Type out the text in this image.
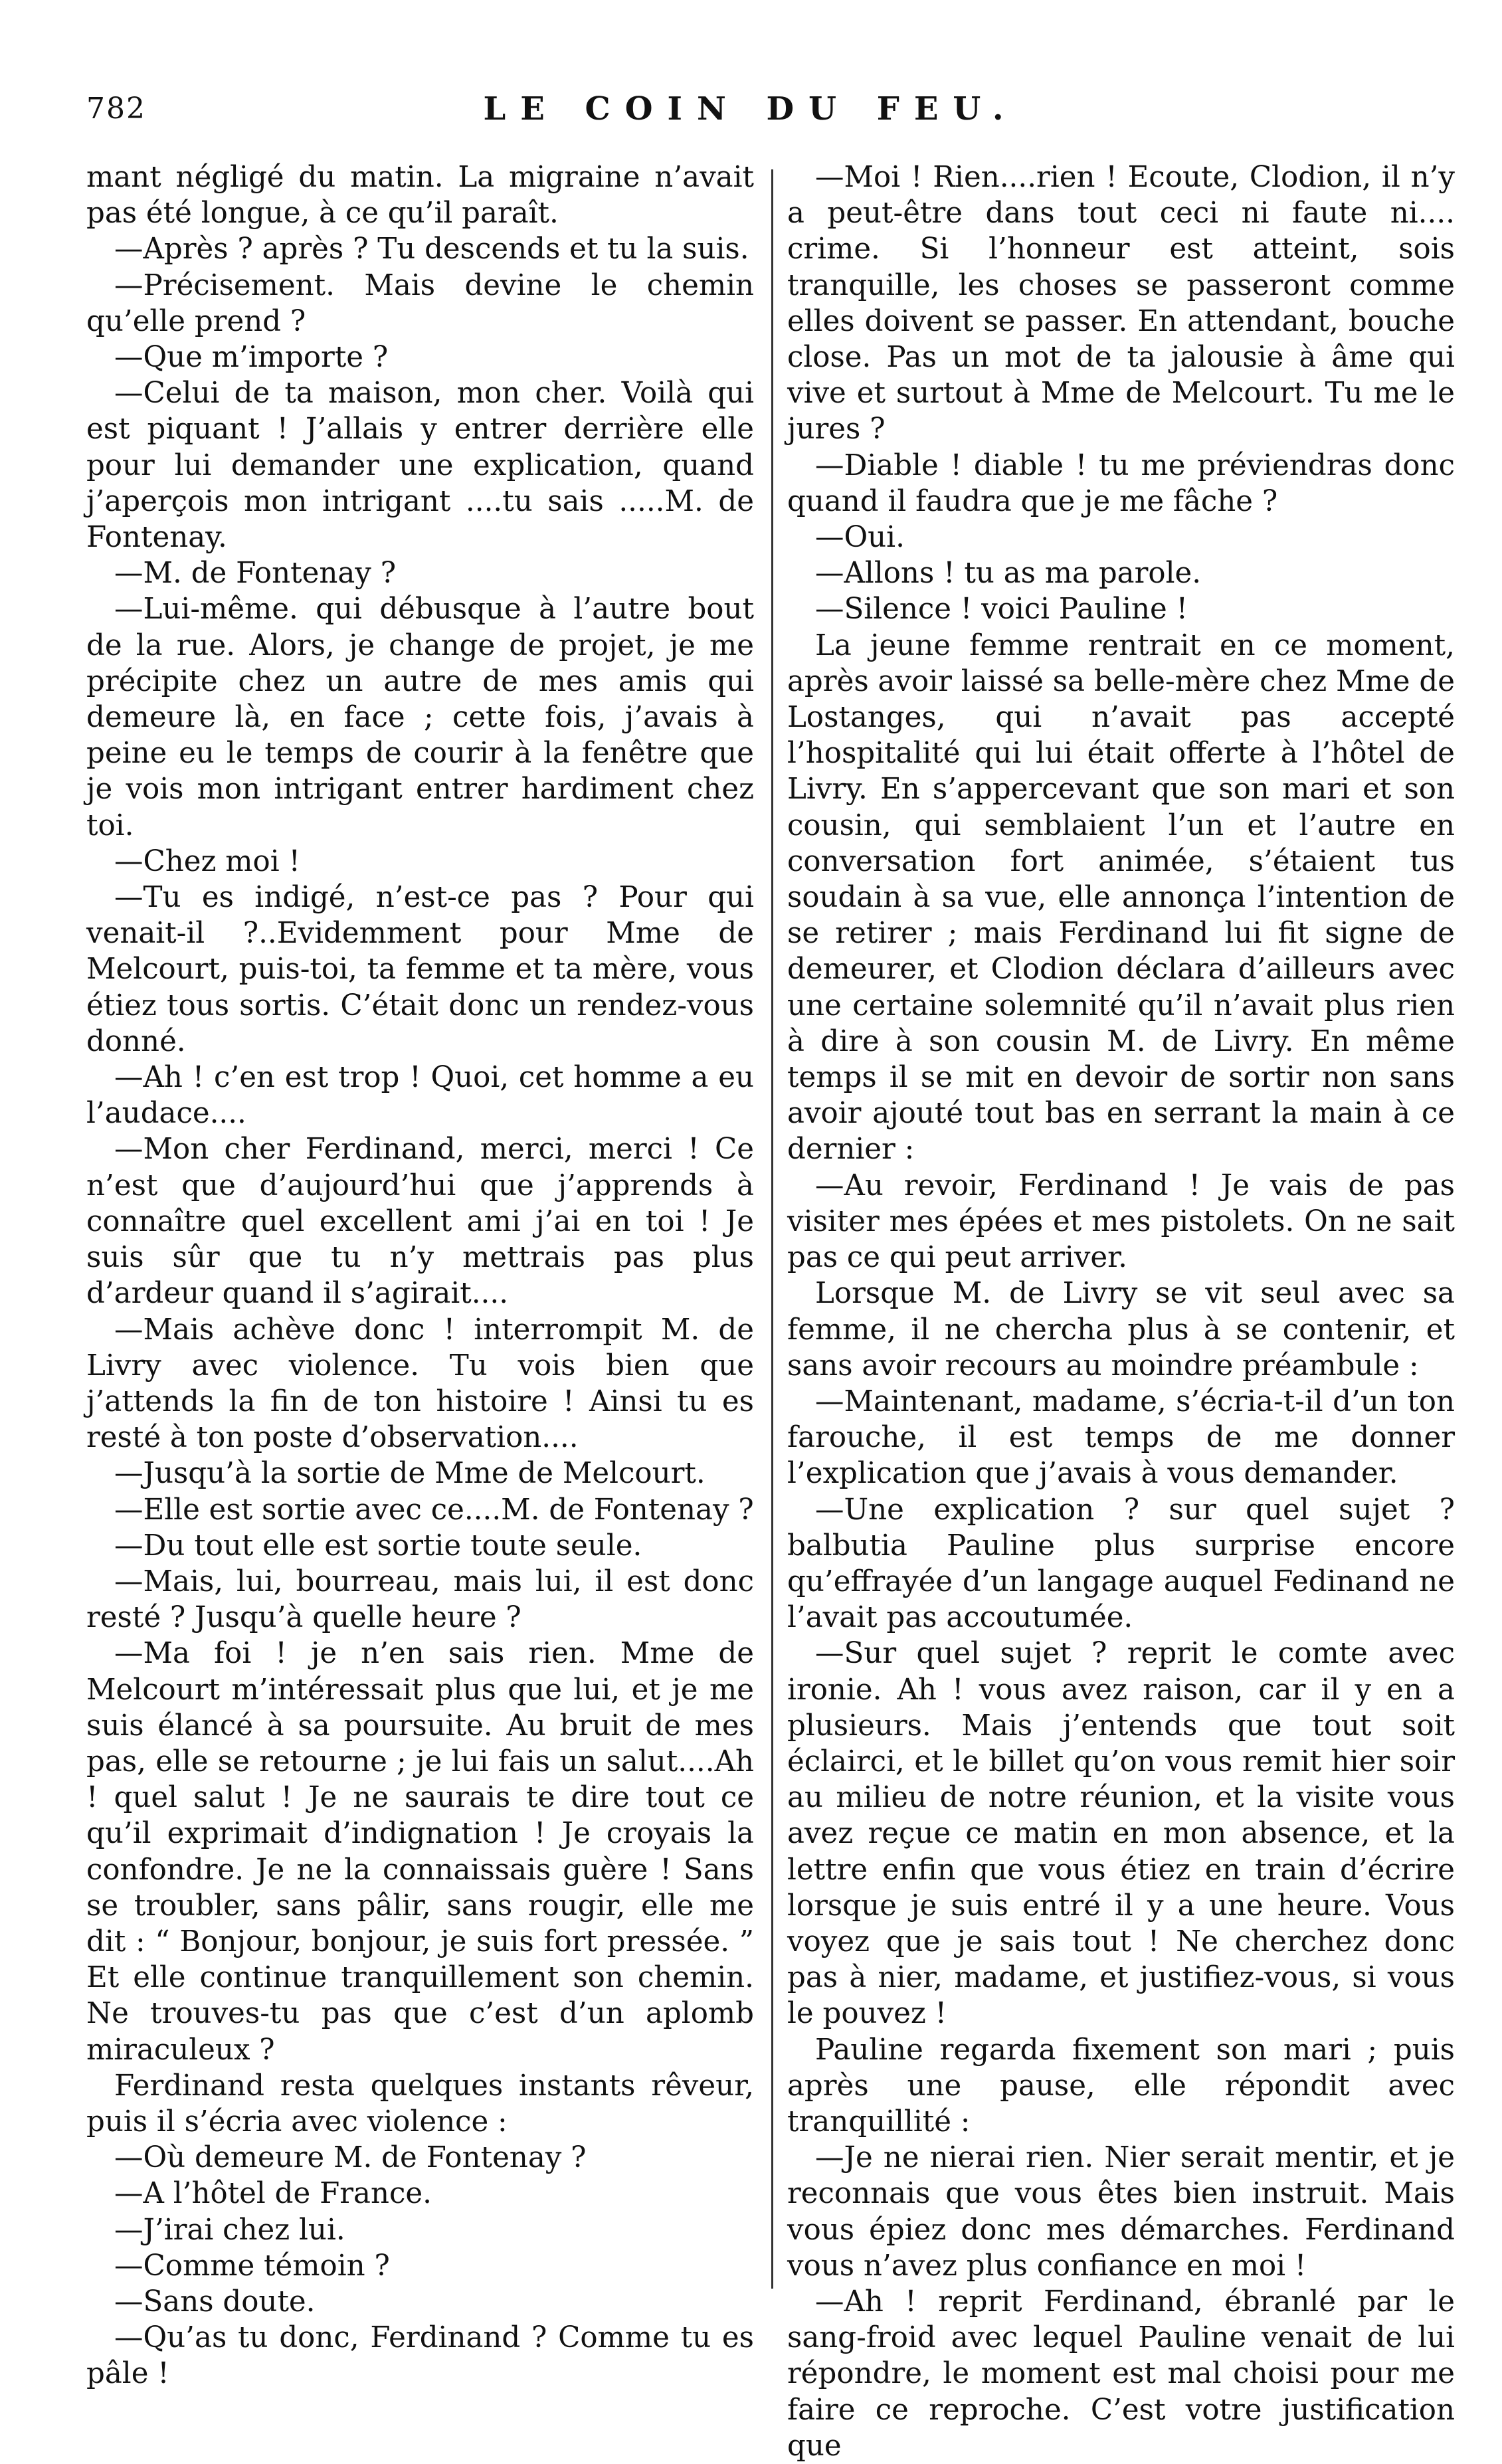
782	LE COIN DU FEU.

mant négligé du matin. La migraine n’avait pas été longue, à ce qu’il paraît.

—Après ? après ? Tu descends et tu la suis.

—Précisement. Mais devine le chemin qu’elle prend ?

—Que m’importe ?

—Celui de ta maison, mon cher. Voilà qui est piquant ! J’allais y entrer derrière elle pour lui demander une explication, quand j’aperçois mon intrigant ....tu sais .....M. de Fontenay.

—M. de Fontenay ?

—Lui-même. qui débusque à l’autre bout de la rue. Alors, je change de projet, je me précipite chez un autre de mes amis qui demeure là, en face ; cette fois, j’avais à peine eu le temps de courir à la fenêtre que je vois mon intrigant entrer hardiment chez toi.

—Chez moi !

—Tu es indigé, n’est-ce pas ? Pour qui venait-il ?..Evidemment pour Mme de Melcourt, puis-toi, ta femme et ta mère, vous étiez tous sortis. C’était donc un rendez-vous donné.

—Ah ! c’en est trop ! Quoi, cet homme a eu l’audace....

—Mon cher Ferdinand, merci, merci ! Ce n’est que d’aujourd’hui que j’apprends à connaître quel excellent ami j’ai en toi ! Je suis sûr que tu n’y mettrais pas plus d’ardeur quand il s’agirait....

—Mais achève donc ! interrompit M. de Livry avec violence. Tu vois bien que j’attends la fin de ton histoire ! Ainsi tu es resté à ton poste d’observation....

—Jusqu’à la sortie de Mme de Melcourt.

—Elle est sortie avec ce....M. de Fontenay ?

—Du tout elle est sortie toute seule.

—Mais, lui, bourreau, mais lui, il est donc resté ? Jusqu’à quelle heure ?

—Ma foi ! je n’en sais rien. Mme de Melcourt m’intéressait plus que lui, et je me suis élancé à sa poursuite. Au bruit de mes pas, elle se retourne ; je lui fais un salut....Ah ! quel salut ! Je ne saurais te dire tout ce qu’il exprimait d’indignation ! Je croyais la confondre. Je ne la connaissais guère ! Sans se troubler, sans pâlir, sans rougir, elle me dit : “ Bonjour, bonjour, je suis fort pressée. ” Et elle continue tranquillement son chemin. Ne trouves-tu pas que c’est d’un aplomb miraculeux ?

Ferdinand resta quelques instants rêveur, puis il s’écria avec violence :

—Où demeure M. de Fontenay ?

—A l’hôtel de France.

—J’irai chez lui.

—Comme témoin ?

—Sans doute.

—Qu’as tu donc, Ferdinand ? Comme tu es pâle !

—Moi ! Rien....rien ! Ecoute, Clodion, il n’y a peut-être dans tout ceci ni faute ni.... crime. Si l’honneur est atteint, sois tranquille, les choses se passeront comme elles doivent se passer. En attendant, bouche close. Pas un mot de ta jalousie à âme qui vive et surtout à Mme de Melcourt. Tu me le jures ?

—Diable ! diable ! tu me préviendras donc quand il faudra que je me fâche ?

—Oui.

—Allons ! tu as ma parole.

—Silence ! voici Pauline !

La jeune femme rentrait en ce moment, après avoir laissé sa belle-mère chez Mme de Lostanges, qui n’avait pas accepté l’hospitalité qui lui était offerte à l’hôtel de Livry. En s’appercevant que son mari et son cousin, qui semblaient l’un et l’autre en conversation fort animée, s’étaient tus soudain à sa vue, elle annonça l’intention de se retirer ; mais Ferdinand lui fit signe de demeurer, et Clodion déclara d’ailleurs avec une certaine solemnité qu’il n’avait plus rien à dire à son cousin M. de Livry. En même temps il se mit en devoir de sortir non sans avoir ajouté tout bas en serrant la main à ce dernier :

—Au revoir, Ferdinand ! Je vais de pas visiter mes épées et mes pistolets. On ne sait pas ce qui peut arriver.

Lorsque M. de Livry se vit seul avec sa femme, il ne chercha plus à se contenir, et sans avoir recours au moindre préambule :

—Maintenant, madame, s’écria-t-il d’un ton farouche, il est temps de me donner l’explication que j’avais à vous demander.

—Une explication ? sur quel sujet ? balbutia Pauline plus surprise encore qu’effrayée d’un langage auquel Fedinand ne l’avait pas accoutumée.

—Sur quel sujet ? reprit le comte avec ironie. Ah ! vous avez raison, car il y en a plusieurs. Mais j’entends que tout soit éclairci, et le billet qu’on vous remit hier soir au milieu de notre réunion, et la visite vous avez reçue ce matin en mon absence, et la lettre enfin que vous étiez en train d’écrire lorsque je suis entré il y a une heure. Vous voyez que je sais tout ! Ne cherchez donc pas à nier, madame, et justifiez-vous, si vous le pouvez !

Pauline regarda fixement son mari ; puis après une pause, elle répondit avec tranquillité :

—Je ne nierai rien. Nier serait mentir, et je reconnais que vous êtes bien instruit. Mais vous épiez donc mes démarches. Ferdinand vous n’avez plus confiance en moi !

—Ah ! reprit Ferdinand, ébranlé par le sang-froid avec lequel Pauline venait de lui répondre, le moment est mal choisi pour me faire ce reproche. C’est votre justification que
